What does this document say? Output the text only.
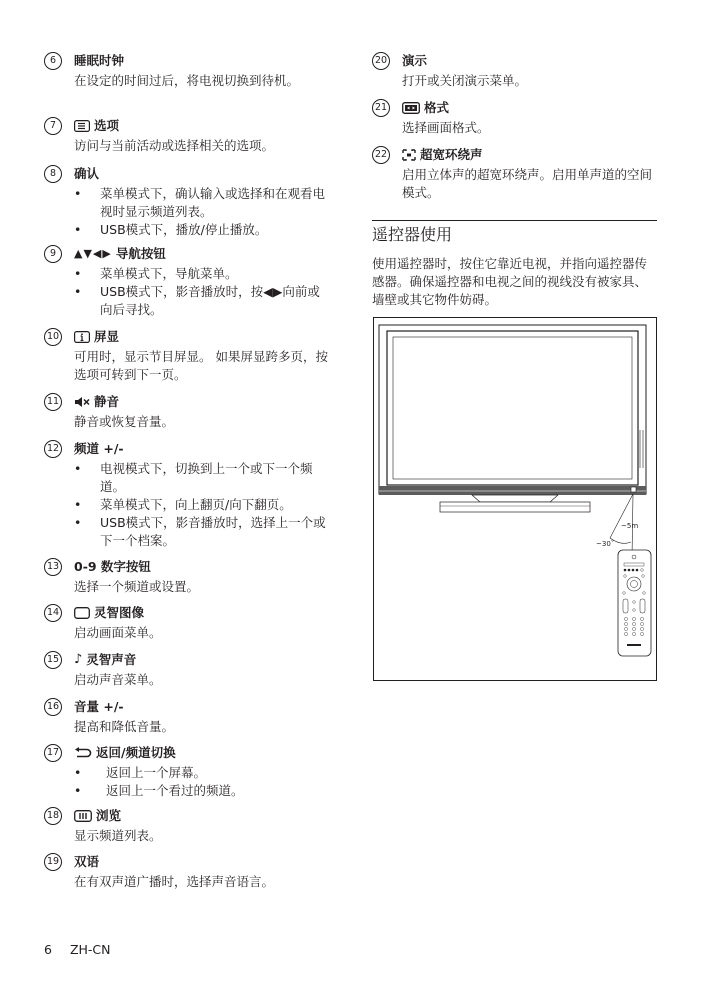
6	睡眠时钟
在设定的时间过后，将电视切换到待机。
7	选项
访问与当前活动或选择相关的选项。
8	确认
• 菜单模式下，确认输入或选择和在观看电视时显示频道列表。
• USB模式下，播放/停止播放。
9	▲▼◀▶ 导航按钮
• 菜单模式下，导航菜单。
• USB模式下，影音播放时，按◀▶向前或向后寻找。
10	屏显
可用时，显示节目屏显。 如果屏显跨多页，按选项可转到下一页。
11	静音
静音或恢复音量。
12 频道 +/-
• 电视模式下，切换到上一个或下一个频道。
• 菜单模式下，向上翻页/向下翻页。
• USB模式下，影音播放时，选择上一个或下一个档案。
13 0-9 数字按钮
选择一个频道或设置。
14	灵智图像
启动画面菜单。
15 ♪ 灵智声音
启动声音菜单。
16 音量 +/-
提高和降低音量。
17	返回/频道切换
• 返回上一个屏幕。
• 返回上一个看过的频道。
18	浏览
显示频道列表。
19 双语
在有双声道广播时，选择声音语言。
20 演示
打开或关闭演示菜单。
21	格式
选择画面格式。
22	超宽环绕声
启用立体声的超宽环绕声。启用单声道的空间模式。
遥控器使用
使用遥控器时，按住它靠近电视，并指向遥控器传感器。确保遥控器和电视之间的视线没有被家具、墙壁或其它物件妨碍。
~5m
~30˚
6 ZH-CN
